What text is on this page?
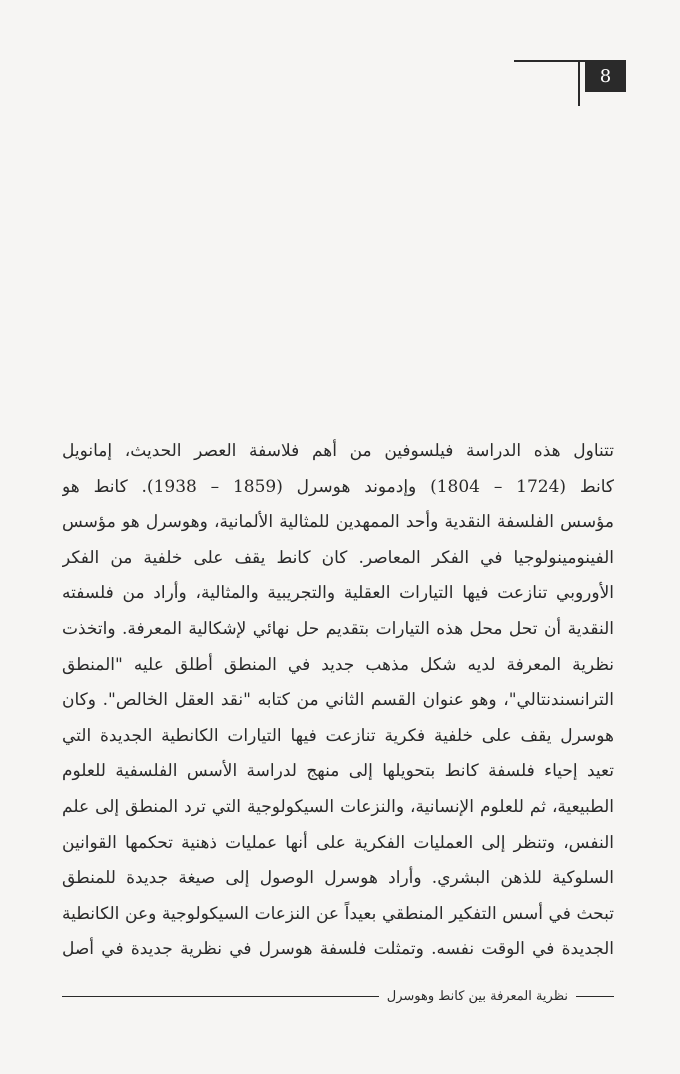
8
تتناول هذه الدراسة فيلسوفين من أهم فلاسفة العصر الحديث، إمانويل
كانط (1724 – 1804) وإدموند هوسرل (1859 – 1938). كانط هو
مؤسس الفلسفة النقدية وأحد الممهدين للمثالية الألمانية، وهوسرل هو مؤسس
الفينومينولوجيا في الفكر المعاصر. كان كانط يقف على خلفية من الفكر
الأوروبي تنازعت فيها التيارات العقلية والتجريبية والمثالية، وأراد من فلسفته
النقدية أن تحل محل هذه التيارات بتقديم حل نهائي لإشكالية المعرفة. واتخذت
نظرية المعرفة لديه شكل مذهب جديد في المنطق أطلق عليه "المنطق
الترانسندنتالي"، وهو عنوان القسم الثاني من كتابه "نقد العقل الخالص". وكان
هوسرل يقف على خلفية فكرية تنازعت فيها التيارات الكانطية الجديدة التي
تعيد إحياء فلسفة كانط بتحويلها إلى منهج لدراسة الأسس الفلسفية للعلوم
الطبيعية، ثم للعلوم الإنسانية، والنزعات السيكولوجية التي ترد المنطق إلى علم
النفس، وتنظر إلى العمليات الفكرية على أنها عمليات ذهنية تحكمها القوانين
السلوكية للذهن البشري. وأراد هوسرل الوصول إلى صيغة جديدة للمنطق
تبحث في أسس التفكير المنطقي بعيداً عن النزعات السيكولوجية وعن الكانطية
الجديدة في الوقت نفسه. وتمثلت فلسفة هوسرل في نظرية جديدة في أصل
نظرية المعرفة بين كانط وهوسرل
